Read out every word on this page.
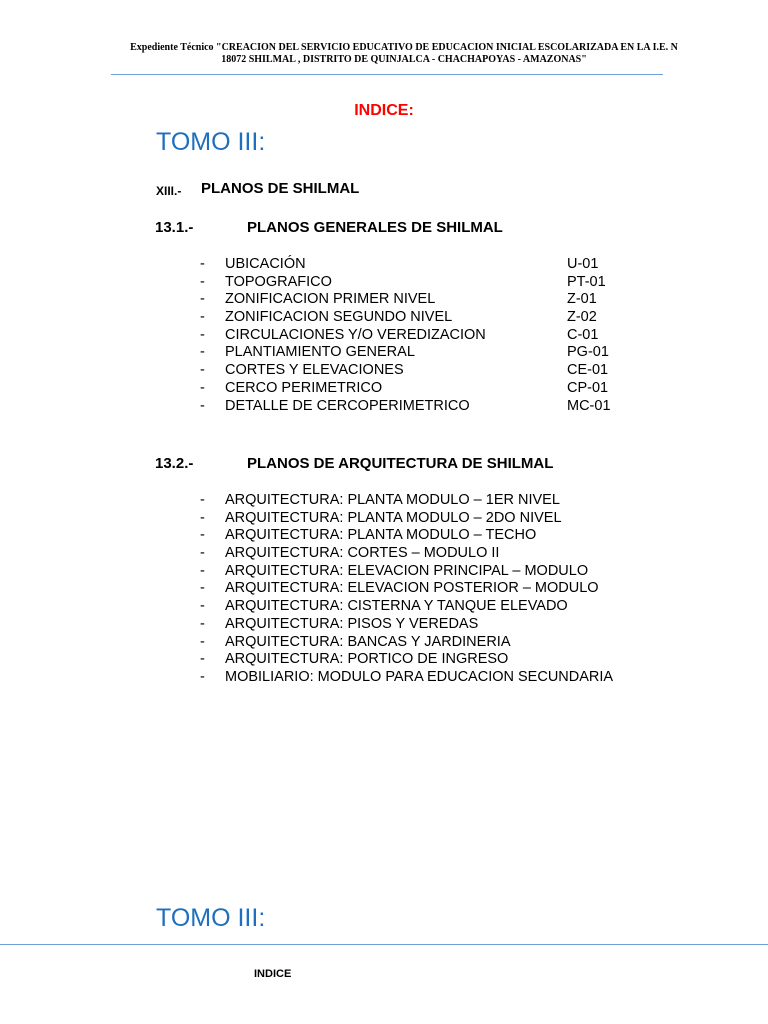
Expediente Técnico "CREACION DEL SERVICIO EDUCATIVO DE EDUCACION INICIAL ESCOLARIZADA EN LA I.E. N
18072 SHILMAL , DISTRITO DE QUINJALCA - CHACHAPOYAS - AMAZONAS"
INDICE:
TOMO III:
XIII.- PLANOS DE SHILMAL
13.1.-	PLANOS GENERALES DE SHILMAL
- UBICACIÓN	U-01
- TOPOGRAFICO	PT-01
- ZONIFICACION PRIMER NIVEL	Z-01
- ZONIFICACION SEGUNDO NIVEL	Z-02
- CIRCULACIONES Y/O VEREDIZACION	C-01
- PLANTIAMIENTO GENERAL	PG-01
- CORTES Y ELEVACIONES	CE-01
- CERCO PERIMETRICO	CP-01
- DETALLE DE CERCOPERIMETRICO	MC-01
13.2.-	PLANOS DE ARQUITECTURA DE SHILMAL
- ARQUITECTURA: PLANTA MODULO – 1ER NIVEL
- ARQUITECTURA: PLANTA MODULO – 2DO NIVEL
- ARQUITECTURA: PLANTA MODULO – TECHO
- ARQUITECTURA: CORTES – MODULO II
- ARQUITECTURA: ELEVACION PRINCIPAL – MODULO
- ARQUITECTURA: ELEVACION POSTERIOR – MODULO
- ARQUITECTURA: CISTERNA Y TANQUE ELEVADO
- ARQUITECTURA: PISOS Y VEREDAS
- ARQUITECTURA: BANCAS Y JARDINERIA
- ARQUITECTURA: PORTICO DE INGRESO
- MOBILIARIO: MODULO PARA EDUCACION SECUNDARIA
TOMO III:
INDICE
